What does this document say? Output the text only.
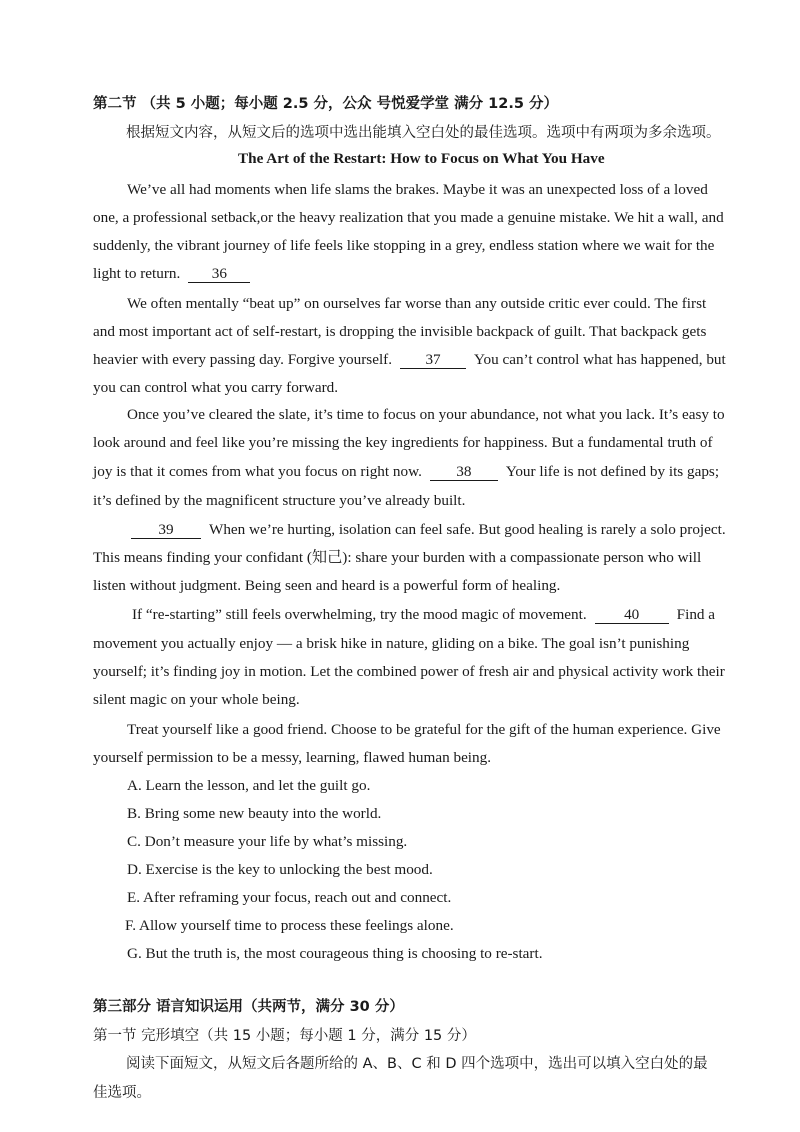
第二节 （共 5 小题；每小题 2.5 分，公众 号悦爱学堂 满分 12.5 分）
根据短文内容，从短文后的选项中选出能填入空白处的最佳选项。选项中有两项为多余选项。
The Art of the Restart: How to Focus on What You Have
We’ve all had moments when life slams the brakes. Maybe it was an unexpected loss of a loved
one, a professional setback,or the heavy realization that you made a genuine mistake. We hit a wall, and
suddenly, the vibrant journey of life feels like stopping in a grey, endless station where we wait for the
light to return. 36
We often mentally “beat up” on ourselves far worse than any outside critic ever could. The first
and most important act of self-restart, is dropping the invisible backpack of guilt. That backpack gets
heavier with every passing day. Forgive yourself. 37 You can’t control what has happened, but
you can control what you carry forward.
Once you’ve cleared the slate, it’s time to focus on your abundance, not what you lack. It’s easy to
look around and feel like you’re missing the key ingredients for happiness. But a fundamental truth of
joy is that it comes from what you focus on right now. 38 Your life is not defined by its gaps;
it’s defined by the magnificent structure you’ve already built.
39 When we’re hurting, isolation can feel safe. But good healing is rarely a solo project.
This means finding your confidant (知己): share your burden with a compassionate person who will
listen without judgment. Being seen and heard is a powerful form of healing.
If “re-starting” still feels overwhelming, try the mood magic of movement. 40 Find a
movement you actually enjoy — a brisk hike in nature, gliding on a bike. The goal isn’t punishing
yourself; it’s finding joy in motion. Let the combined power of fresh air and physical activity work their
silent magic on your whole being.
Treat yourself like a good friend. Choose to be grateful for the gift of the human experience. Give
yourself permission to be a messy, learning, flawed human being.
A. Learn the lesson, and let the guilt go.
B. Bring some new beauty into the world.
C. Don’t measure your life by what’s missing.
D. Exercise is the key to unlocking the best mood.
E. After reframing your focus, reach out and connect.
F. Allow yourself time to process these feelings alone.
G. But the truth is, the most courageous thing is choosing to re-start.
第三部分 语言知识运用（共两节，满分 30 分）
第一节 完形填空（共 15 小题；每小题 1 分，满分 15 分）
阅读下面短文，从短文后各题所给的 A、B、C 和 D 四个选项中，选出可以填入空白处的最
佳选项。
